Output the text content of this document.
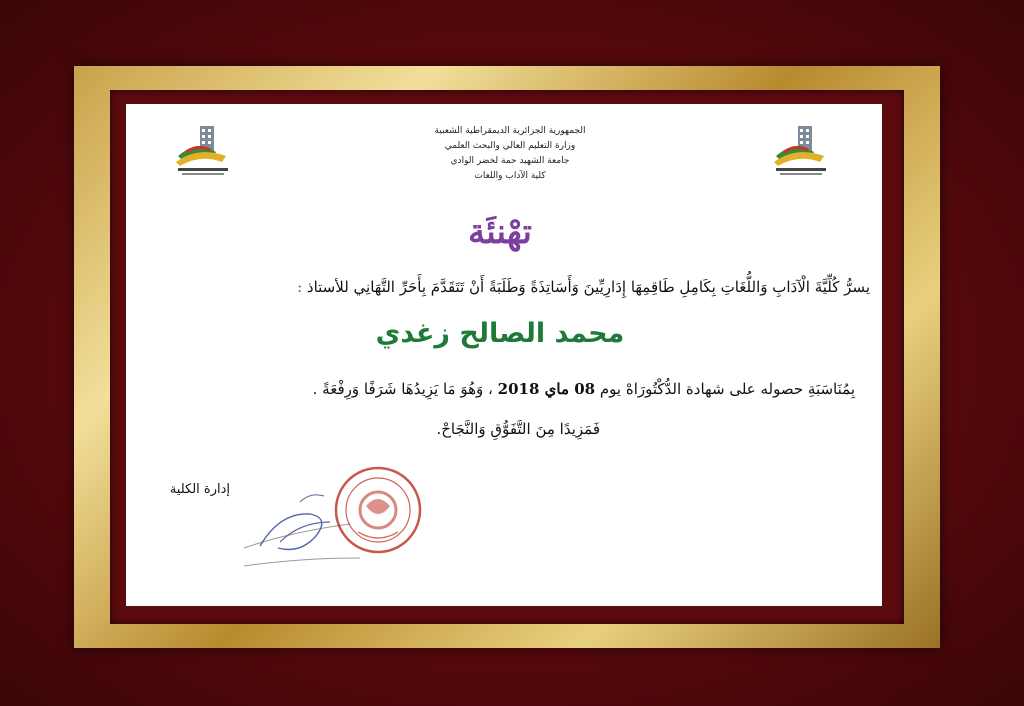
الجمهورية الجزائرية الديمقراطية الشعبية
وزارة التعليم العالي والبحث العلمي
جامعة الشهيد حمة لخضر الوادي
كلية الآداب واللغات
تهْنئَة
يسرُّ كُلِّيَّةَ الْآدَابِ وَاللُّغَاتِ بِكَامِلِ طَاقِمِهَا إِدَارِيِّينَ وَأَسَاتِذَةً وَطَلَبَةً أَنْ تَتَقَدَّمَ بِأَحَرِّ التَّهَانِي للأستاذ :
محمد الصالح زغدي
بِمُنَاسَبَةِ حصوله على شهادة الدُّكْتُورَاهْ يوم 08 ماي 2018 ، وَهُوَ مَا يَزِيدُهَا شَرَفًا وَرِفْعَةً .
فَمَزِيدًا مِنَ التَّفَوُّقِ وَالنَّجَاحْ.
إدارة الكلية
